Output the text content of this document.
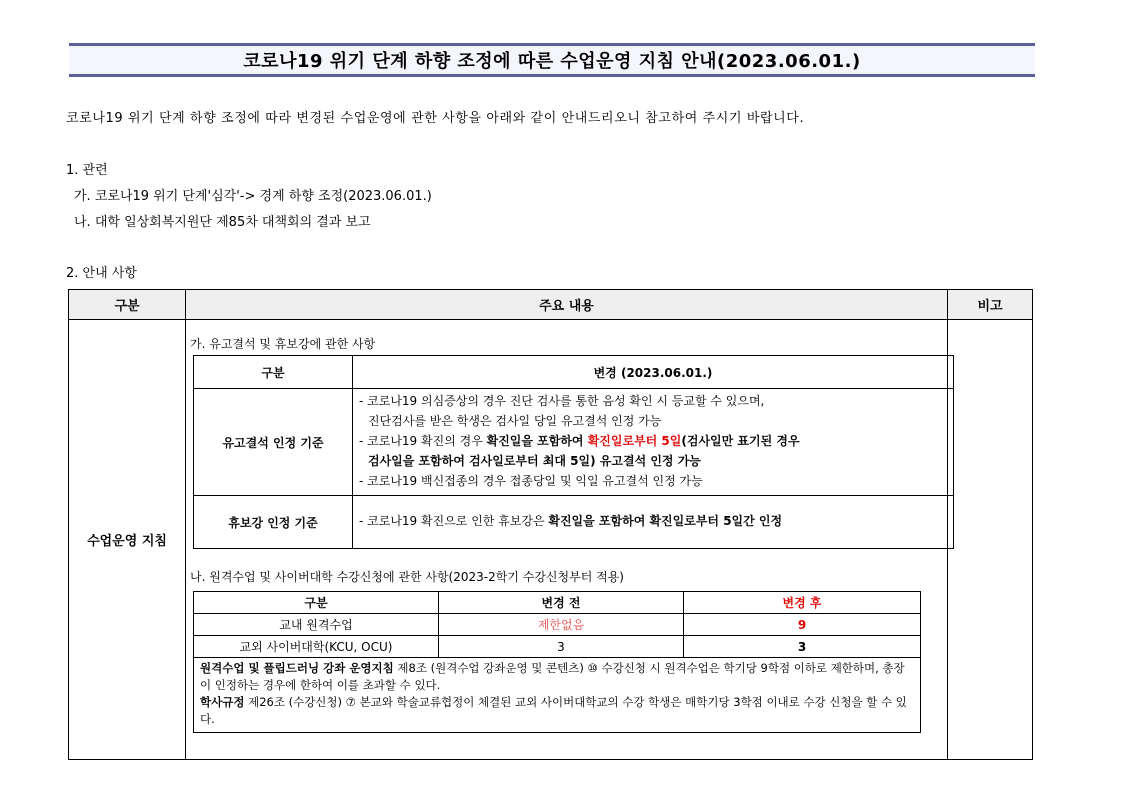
코로나19 위기 단계 하향 조정에 따른 수업운영 지침 안내(2023.06.01.)
코로나19 위기 단계 하향 조정에 따라 변경된 수업운영에 관한 사항을 아래와 같이 안내드리오니 참고하여 주시기 바랍니다.
1. 관련
가. 코로나19 위기 단계'심각'-> 경계 하향 조정(2023.06.01.)
나. 대학 일상회복지원단 제85차 대책회의 결과 보고
2. 안내 사항
구분	주요 내용	비고
수업운영 지침		
가. 유고결석 및 휴보강에 관한 사항
구분	변경 (2023.06.01.)
유고결석 인정 기준	- 코로나19 의심증상의 경우 진단 검사를 통한 음성 확인 시 등교할 수 있으며,
진단검사를 받은 학생은 검사일 당일 유고결석 인정 가능
- 코로나19 확진의 경우 확진일을 포함하여 확진일로부터 5일(검사일만 표기된 경우
검사일을 포함하여 검사일로부터 최대 5일) 유고결석 인정 가능
- 코로나19 백신접종의 경우 접종당일 및 익일 유고결석 인정 가능

휴보강 인정 기준	- 코로나19 확진으로 인한 휴보강은 확진일을 포함하여 확진일로부터 5일간 인정
나. 원격수업 및 사이버대학 수강신청에 관한 사항(2023-2학기 수강신청부터 적용)
구분	변경 전	변경 후
교내 원격수업	제한없음	9
교외 사이버대학(KCU, OCU)	3	3

원격수업 및 플립드러닝 강좌 운영지침 제8조 (원격수업 강좌운영 및 콘텐츠) ⑩ 수강신청 시 원격수업은 학기당 9학점 이하로 제한하며, 총장이 인정하는 경우에 한하여 이를 초과할 수 있다.
학사규정 제26조 (수강신청) ⑦ 본교와 학술교류협정이 체결된 교외 사이버대학교의 수강 학생은 매학기당 3학점 이내로 수강 신청을 할 수 있다.		
